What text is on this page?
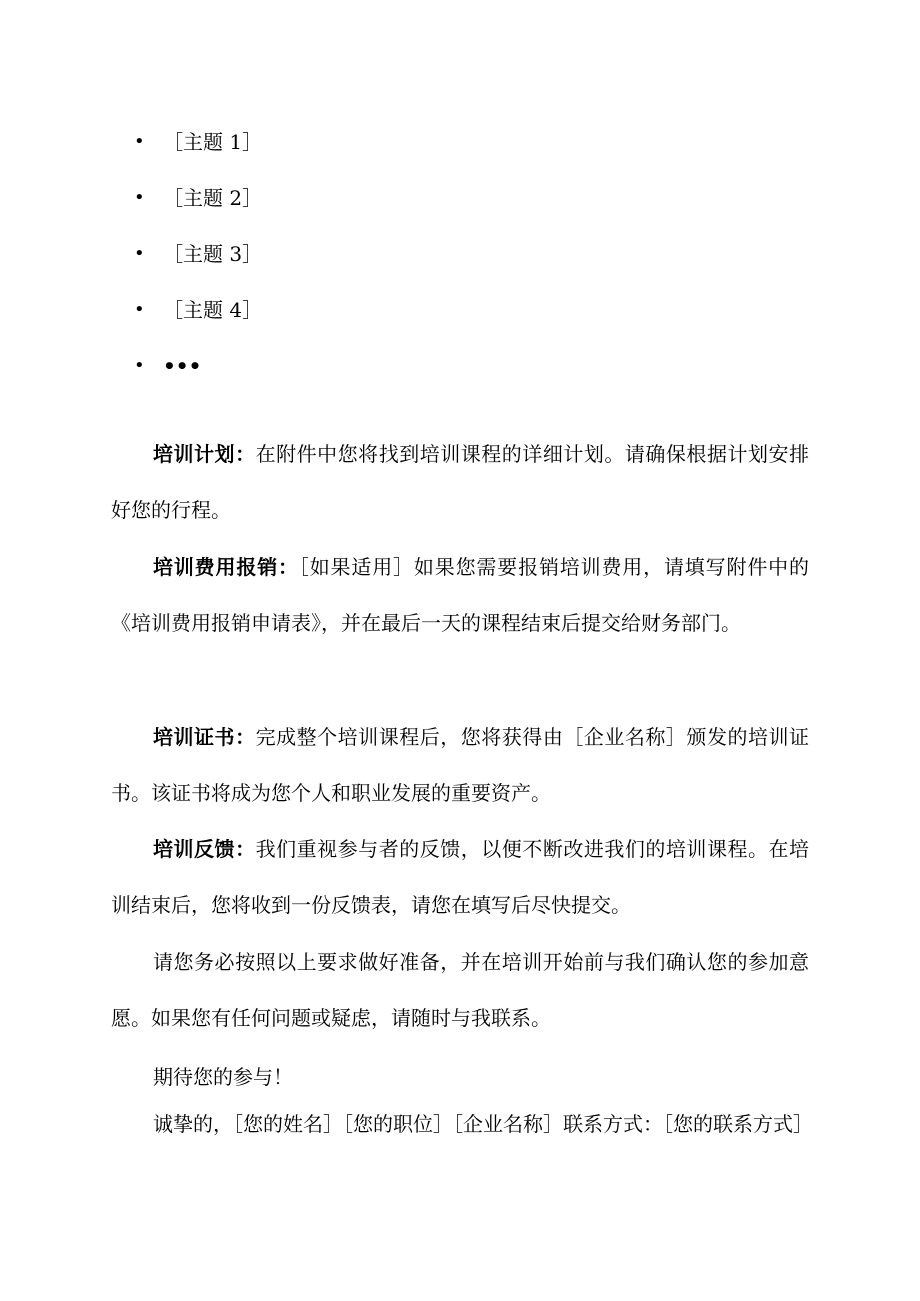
• ［主题 1］
• ［主题 2］
• ［主题 3］
• ［主题 4］
• •••

培训计划：在附件中您将找到培训课程的详细计划。请确保根据计划安排好您的行程。

培训费用报销：［如果适用］如果您需要报销培训费用，请填写附件中的《培训费用报销申请表》，并在最后一天的课程结束后提交给财务部门。

培训证书：完成整个培训课程后，您将获得由［企业名称］颁发的培训证书。该证书将成为您个人和职业发展的重要资产。

培训反馈：我们重视参与者的反馈，以便不断改进我们的培训课程。在培训结束后，您将收到一份反馈表，请您在填写后尽快提交。

请您务必按照以上要求做好准备，并在培训开始前与我们确认您的参加意愿。如果您有任何问题或疑虑，请随时与我联系。

期待您的参与！

诚挚的，［您的姓名］［您的职位］［企业名称］联系方式：［您的联系方式］
